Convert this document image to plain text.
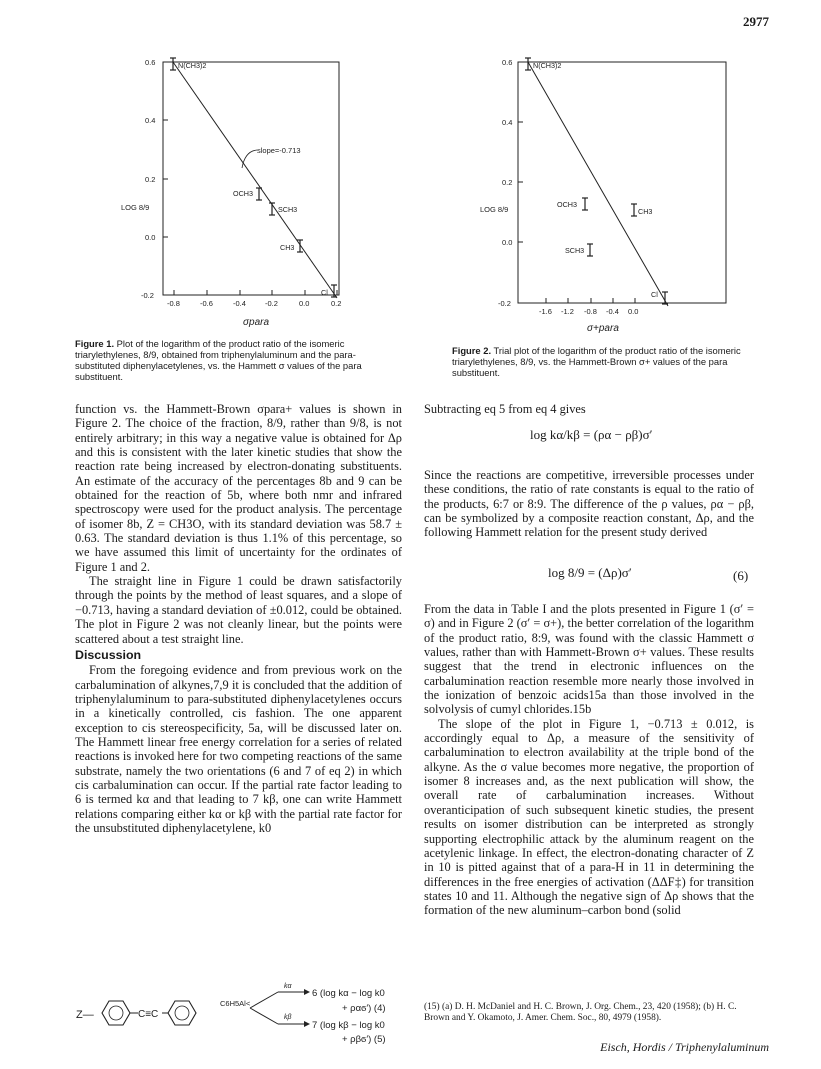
2977
0.6
0.4
0.2
0.0
-0.2
-0.8	-0.6	-0.4	-0.2	0.0	0.2
LOG 8/9
σpara
slope=-0.713
N(CH3)2
OCH3
SCH3
CH3
Cl
Figure 1. Plot of the logarithm of the product ratio of the isomeric triarylethylenes, 8/9, obtained from triphenylaluminum and the para-substituted diphenylacetylenes, vs. the Hammett σ values of the para substituent.
0.6
0.4
0.2
0.0
-0.2
-1.6 -1.2 -0.8 -0.4 0.0
LOG 8/9
σ+para
N(CH3)2
OCH3
CH3
SCH3
Cl
Figure 2. Trial plot of the logarithm of the product ratio of the isomeric triarylethylenes, 8/9, vs. the Hammett-Brown σ+ values of the para substituent.

function vs. the Hammett-Brown σpara+ values is shown in Figure 2. The choice of the fraction, 8/9, rather than 9/8, is not entirely arbitrary; in this way a negative value is obtained for Δρ and this is consistent with the later kinetic studies that show the reaction rate being increased by electron-donating substituents. An estimate of the accuracy of the percentages 8b and 9 can be obtained for the reaction of 5b, where both nmr and infrared spectroscopy were used for the product analysis. The percentage of isomer 8b, Z = CH3O, with its standard deviation was 58.7 ± 0.63. The standard deviation is thus 1.1% of this percentage, so we have assumed this limit of uncertainty for the ordinates of Figure 1 and 2.

The straight line in Figure 1 could be drawn satisfactorily through the points by the method of least squares, and a slope of −0.713, having a standard deviation of ±0.012, could be obtained. The plot in Figure 2 was not cleanly linear, but the points were scattered about a test straight line.

Discussion

From the foregoing evidence and from previous work on the carbalumination of alkynes,7,9 it is concluded that the addition of triphenylaluminum to para-substituted diphenylacetylenes occurs in a kinetically controlled, cis fashion. The one apparent exception to cis stereospecificity, 5a, will be discussed later on. The Hammett linear free energy correlation for a series of related reactions is invoked here for two competing reactions of the same substrate, namely the two orientations (6 and 7 of eq 2) in which cis carbalumination can occur. If the partial rate factor leading to 6 is termed kα and that leading to 7 kβ, one can write Hammett relations comparing either kα or kβ with the partial rate factor for the unsubstituted diphenylacetylene, k0

Z—	C≡C
C6H5Al<
kα
kβ
6 (log kα − log k0
+ ραϭ′) (4)
7 (log kβ − log k0
+ ρβϭ′) (5)

Subtracting eq 5 from eq 4 gives

log kα/kβ = (ρα − ρβ)σ′

Since the reactions are competitive, irreversible processes under these conditions, the ratio of rate constants is equal to the ratio of the products, 6:7 or 8:9. The difference of the ρ values, ρα − ρβ, can be symbolized by a composite reaction constant, Δρ, and the following Hammett relation for the present study derived

log 8/9 = (Δρ)σ′	(6)

From the data in Table I and the plots presented in Figure 1 (σ′ = σ) and in Figure 2 (σ′ = σ+), the better correlation of the logarithm of the product ratio, 8:9, was found with the classic Hammett σ values, rather than with Hammett-Brown σ+ values. These results suggest that the trend in electronic influences on the carbalumination reaction resemble more nearly those involved in the ionization of benzoic acids15a than those involved in the solvolysis of cumyl chlorides.15b

The slope of the plot in Figure 1, −0.713 ± 0.012, is accordingly equal to Δρ, a measure of the sensitivity of carbalumination to electron availability at the triple bond of the alkyne. As the σ value becomes more negative, the proportion of isomer 8 increases and, as the next publication will show, the overall rate of carbalumination increases. Without overanticipation of such subsequent kinetic studies, the present results on isomer distribution can be interpreted as strongly supporting electrophilic attack by the aluminum reagent on the acetylenic linkage. In effect, the electron-donating character of Z in 10 is pitted against that of a para-H in 11 in determining the differences in the free energies of activation (ΔΔF‡) for transition states 10 and 11. Although the negative sign of Δρ shows that the formation of the new aluminum–carbon bond (solid

(15) (a) D. H. McDaniel and H. C. Brown, J. Org. Chem., 23, 420 (1958); (b) H. C. Brown and Y. Okamoto, J. Amer. Chem. Soc., 80, 4979 (1958).
Eisch, Hordis / Triphenylaluminum
